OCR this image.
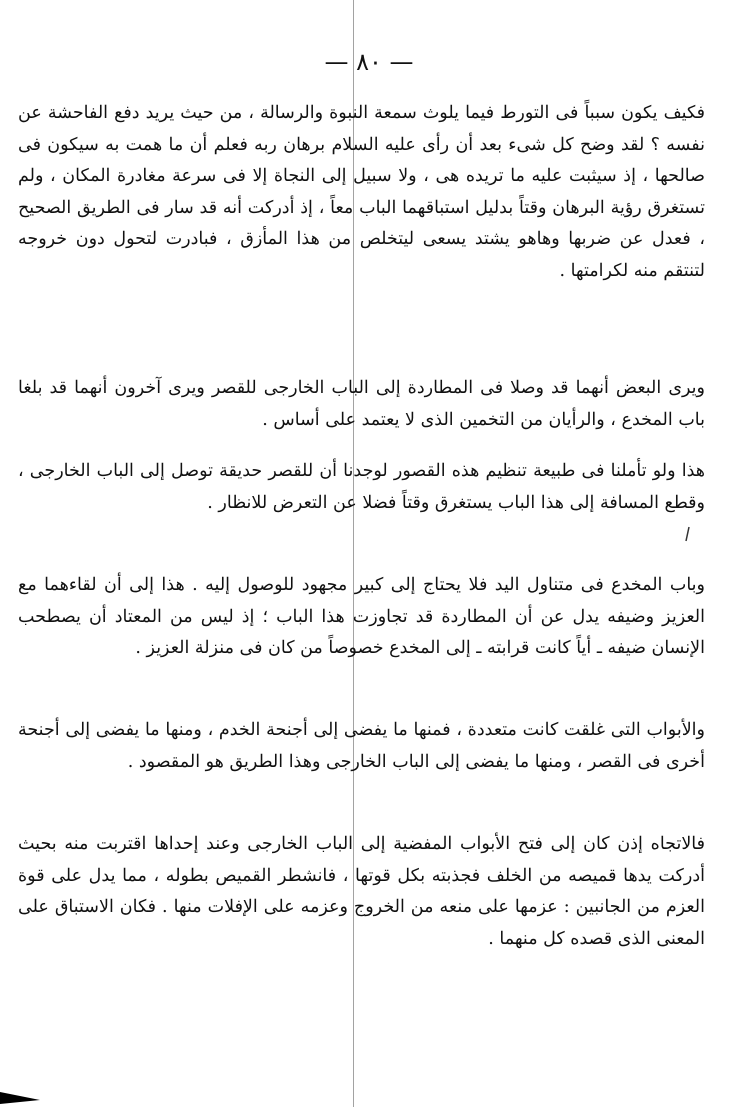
— ٨٠ —

فكيف يكون سبباً فى التورط فيما يلوث سمعة النبوة والرسالة ، من حيث يريد دفع الفاحشة عن نفسه ؟ لقد وضح كل شىء بعد أن رأى عليه السلام برهان ربه فعلم أن ما همت به سيكون فى صالحها ، إذ سيثبت عليه ما تريده هى ، ولا سبيل إلى النجاة إلا فى سرعة مغادرة المكان ، ولم تستغرق رؤية البرهان وقتاً بدليل استباقهما الباب معاً ، إذ أدركت أنه قد سار فى الطريق الصحيح ، فعدل عن ضربها وهاهو يشتد يسعى ليتخلص من هذا المأزق ، فبادرت لتحول دون خروجه لتنتقم منه لكرامتها .

ويرى البعض أنهما قد وصلا فى المطاردة إلى الباب الخارجى للقصر ويرى آخرون أنهما قد بلغا باب المخدع ، والرأيان من التخمين الذى لا يعتمد على أساس .

هذا ولو تأملنا فى طبيعة تنظيم هذه القصور لوجدنا أن للقصر حديقة توصل إلى الباب الخارجى ، وقطع المسافة إلى هذا الباب يستغرق وقتاً فضلا عن التعرض للانظار .

وباب المخدع فى متناول اليد فلا يحتاج إلى كبير مجهود للوصول إليه . هذا إلى أن لقاءهما مع العزيز وضيفه يدل عن أن المطاردة قد تجاوزت هذا الباب ؛ إذ ليس من المعتاد أن يصطحب الإنسان ضيفه ـ أياً كانت قرابته ـ إلى المخدع خصوصاً من كان فى منزلة العزيز .

والأبواب التى غلقت كانت متعددة ، فمنها ما يفضى إلى أجنحة الخدم ، ومنها ما يفضى إلى أجنحة أخرى فى القصر ، ومنها ما يفضى إلى الباب الخارجى وهذا الطريق هو المقصود .

فالاتجاه إذن كان إلى فتح الأبواب المفضية إلى الباب الخارجى وعند إحداها اقتربت منه بحيث أدركت يدها قميصه من الخلف فجذبته بكل قوتها ، فانشطر القميص بطوله ، مما يدل على قوة العزم من الجانبين : عزمها على منعه من الخروج وعزمه على الإفلات منها . فكان الاستباق على المعنى الذى قصده كل منهما .
